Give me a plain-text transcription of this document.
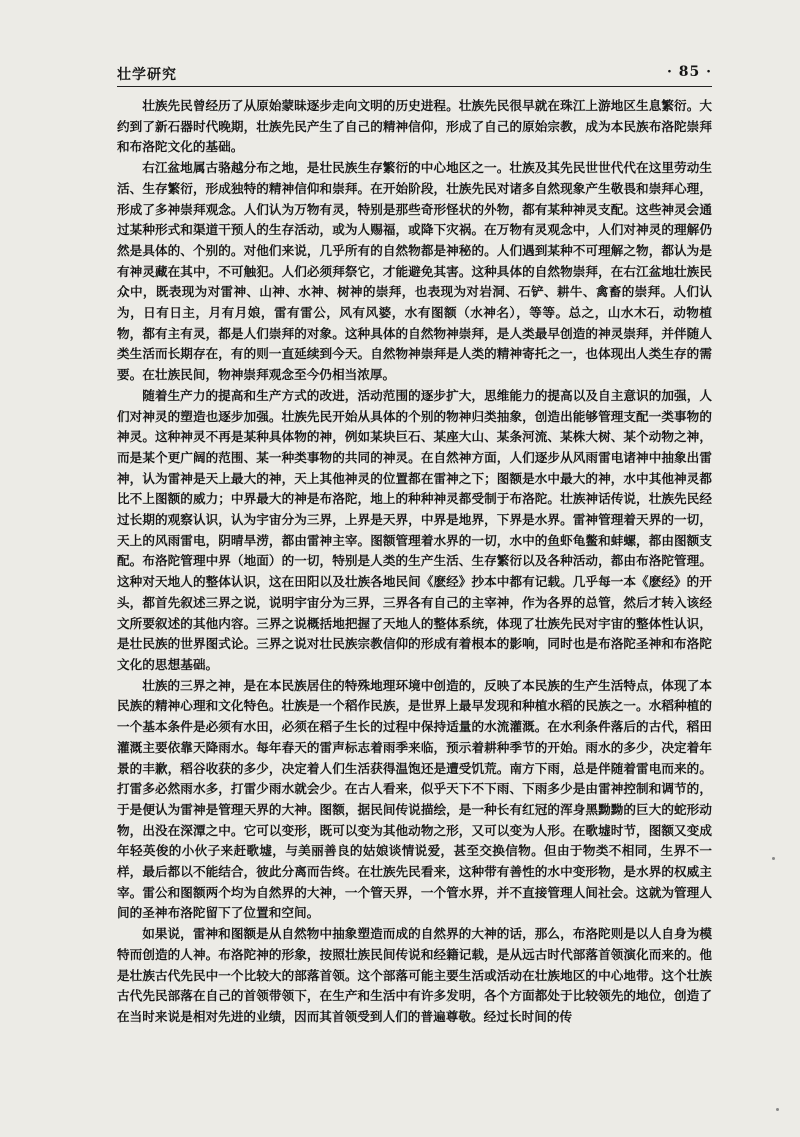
壮学研究	· 85 ·

壮族先民曾经历了从原始蒙昧逐步走向文明的历史进程。壮族先民很早就在珠江上游地区生息繁衍。大约到了新石器时代晚期，壮族先民产生了自己的精神信仰，形成了自己的原始宗教，成为本民族布洛陀崇拜和布洛陀文化的基础。

右江盆地属古骆越分布之地，是壮民族生存繁衍的中心地区之一。壮族及其先民世世代代在这里劳动生活、生存繁衍，形成独特的精神信仰和崇拜。在开始阶段，壮族先民对诸多自然现象产生敬畏和崇拜心理，形成了多神崇拜观念。人们认为万物有灵，特别是那些奇形怪状的外物，都有某种神灵支配。这些神灵会通过某种形式和渠道干预人的生存活动，或为人赐福，或降下灾祸。在万物有灵观念中，人们对神灵的理解仍然是具体的、个别的。对他们来说，几乎所有的自然物都是神秘的。人们遇到某种不可理解之物，都认为是有神灵藏在其中，不可触犯。人们必须拜祭它，才能避免其害。这种具体的自然物崇拜，在右江盆地壮族民众中，既表现为对雷神、山神、水神、树神的崇拜，也表现为对岩洞、石铲、耕牛、禽畜的崇拜。人们认为，日有日主，月有月娘，雷有雷公，风有风婆，水有图额（水神名），等等。总之，山水木石，动物植物，都有主有灵，都是人们崇拜的对象。这种具体的自然物神崇拜，是人类最早创造的神灵崇拜，并伴随人类生活而长期存在，有的则一直延续到今天。自然物神崇拜是人类的精神寄托之一，也体现出人类生存的需要。在壮族民间，物神崇拜观念至今仍相当浓厚。

随着生产力的提高和生产方式的改进，活动范围的逐步扩大，思维能力的提高以及自主意识的加强，人们对神灵的塑造也逐步加强。壮族先民开始从具体的个别的物神归类抽象，创造出能够管理支配一类事物的神灵。这种神灵不再是某种具体物的神，例如某块巨石、某座大山、某条河流、某株大树、某个动物之神，而是某个更广阔的范围、某一种类事物的共同的神灵。在自然神方面，人们逐步从风雨雷电诸神中抽象出雷神，认为雷神是天上最大的神，天上其他神灵的位置都在雷神之下；图额是水中最大的神，水中其他神灵都比不上图额的威力；中界最大的神是布洛陀，地上的种种神灵都受制于布洛陀。壮族神话传说，壮族先民经过长期的观察认识，认为宇宙分为三界，上界是天界，中界是地界，下界是水界。雷神管理着天界的一切，天上的风雨雷电，阴晴旱涝，都由雷神主宰。图额管理着水界的一切，水中的鱼虾龟鳖和蚌螺，都由图额支配。布洛陀管理中界（地面）的一切，特别是人类的生产生活、生存繁衍以及各种活动，都由布洛陀管理。这种对天地人的整体认识，这在田阳以及壮族各地民间《麽经》抄本中都有记载。几乎每一本《麽经》的开头，都首先叙述三界之说，说明宇宙分为三界，三界各有自己的主宰神，作为各界的总管，然后才转入该经文所要叙述的其他内容。三界之说概括地把握了天地人的整体系统，体现了壮族先民对宇宙的整体性认识，是壮民族的世界图式论。三界之说对壮民族宗教信仰的形成有着根本的影响，同时也是布洛陀圣神和布洛陀文化的思想基础。

壮族的三界之神，是在本民族居住的特殊地理环境中创造的，反映了本民族的生产生活特点，体现了本民族的精神心理和文化特色。壮族是一个稻作民族，是世界上最早发现和种植水稻的民族之一。水稻种植的一个基本条件是必须有水田，必须在稻子生长的过程中保持适量的水流灌溉。在水利条件落后的古代，稻田灌溉主要依靠天降雨水。每年春天的雷声标志着雨季来临，预示着耕种季节的开始。雨水的多少，决定着年景的丰歉，稻谷收获的多少，决定着人们生活获得温饱还是遭受饥荒。南方下雨，总是伴随着雷电而来的。打雷多必然雨水多，打雷少雨水就会少。在古人看来，似乎天下不下雨、下雨多少是由雷神控制和调节的，于是便认为雷神是管理天界的大神。图额，据民间传说描绘，是一种长有红冠的浑身黑黝黝的巨大的蛇形动物，出没在深潭之中。它可以变形，既可以变为其他动物之形，又可以变为人形。在歌墟时节，图额又变成年轻英俊的小伙子来赶歌墟，与美丽善良的姑娘谈情说爱，甚至交换信物。但由于物类不相同，生界不一样，最后都以不能结合，彼此分离而告终。在壮族先民看来，这种带有善性的水中变形物，是水界的权威主宰。雷公和图额两个均为自然界的大神，一个管天界，一个管水界，并不直接管理人间社会。这就为管理人间的圣神布洛陀留下了位置和空间。

如果说，雷神和图额是从自然物中抽象塑造而成的自然界的大神的话，那么，布洛陀则是以人自身为模特而创造的人神。布洛陀神的形象，按照壮族民间传说和经籍记载，是从远古时代部落首领演化而来的。他是壮族古代先民中一个比较大的部落首领。这个部落可能主要生活或活动在壮族地区的中心地带。这个壮族古代先民部落在自己的首领带领下，在生产和生活中有许多发明，各个方面都处于比较领先的地位，创造了在当时来说是相对先进的业绩，因而其首领受到人们的普遍尊敬。经过长时间的传
